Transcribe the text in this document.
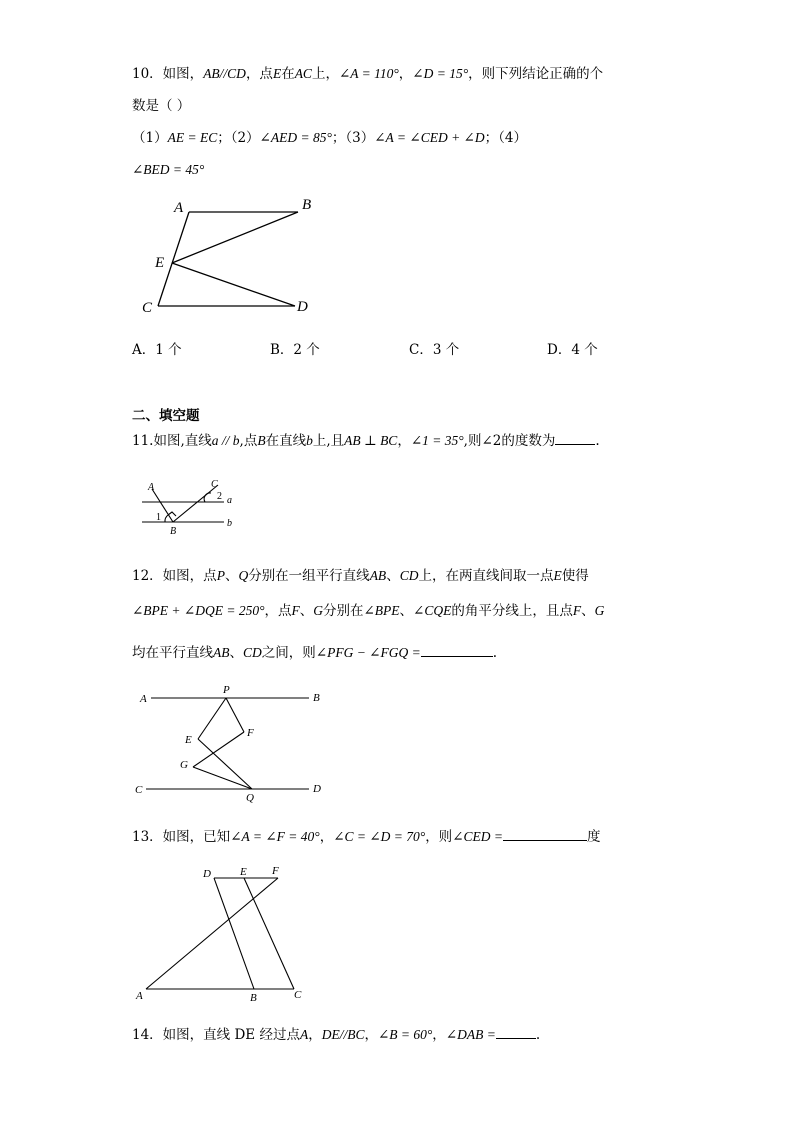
10．如图，AB//CD，点E在AC上，∠A = 110°，∠D = 15°，则下列结论正确的个
数是（ ）
（1）AE = EC；（2）∠AED = 85°；（3）∠A = ∠CED + ∠D；（4）
∠BED = 45°
A	B
E
C	D
A．1 个	B．2 个	C．3 个	D．4 个
二、填空题
11.如图,直线a // b,点B在直线b上,且AB ⊥ BC，∠1 = 35°,则∠2的度数为	.
A	C
2 a
1
B
b
12．如图，点P、Q分别在一组平行直线AB、CD上，在两直线间取一点E使得
∠BPE + ∠DQE = 250°，点F、G分别在∠BPE、∠CQE的角平分线上，且点F、G
均在平行直线AB、CD之间，则∠PFG − ∠FGQ =	.
A
P
B
E
F
G
C
Q
D
13．如图，已知∠A = ∠F = 40°，∠C = ∠D = 70°，则∠CED =	度
D	E F
A	B	C
14．如图，直线 DE 经过点A，DE//BC，∠B = 60°，∠DAB =	.
